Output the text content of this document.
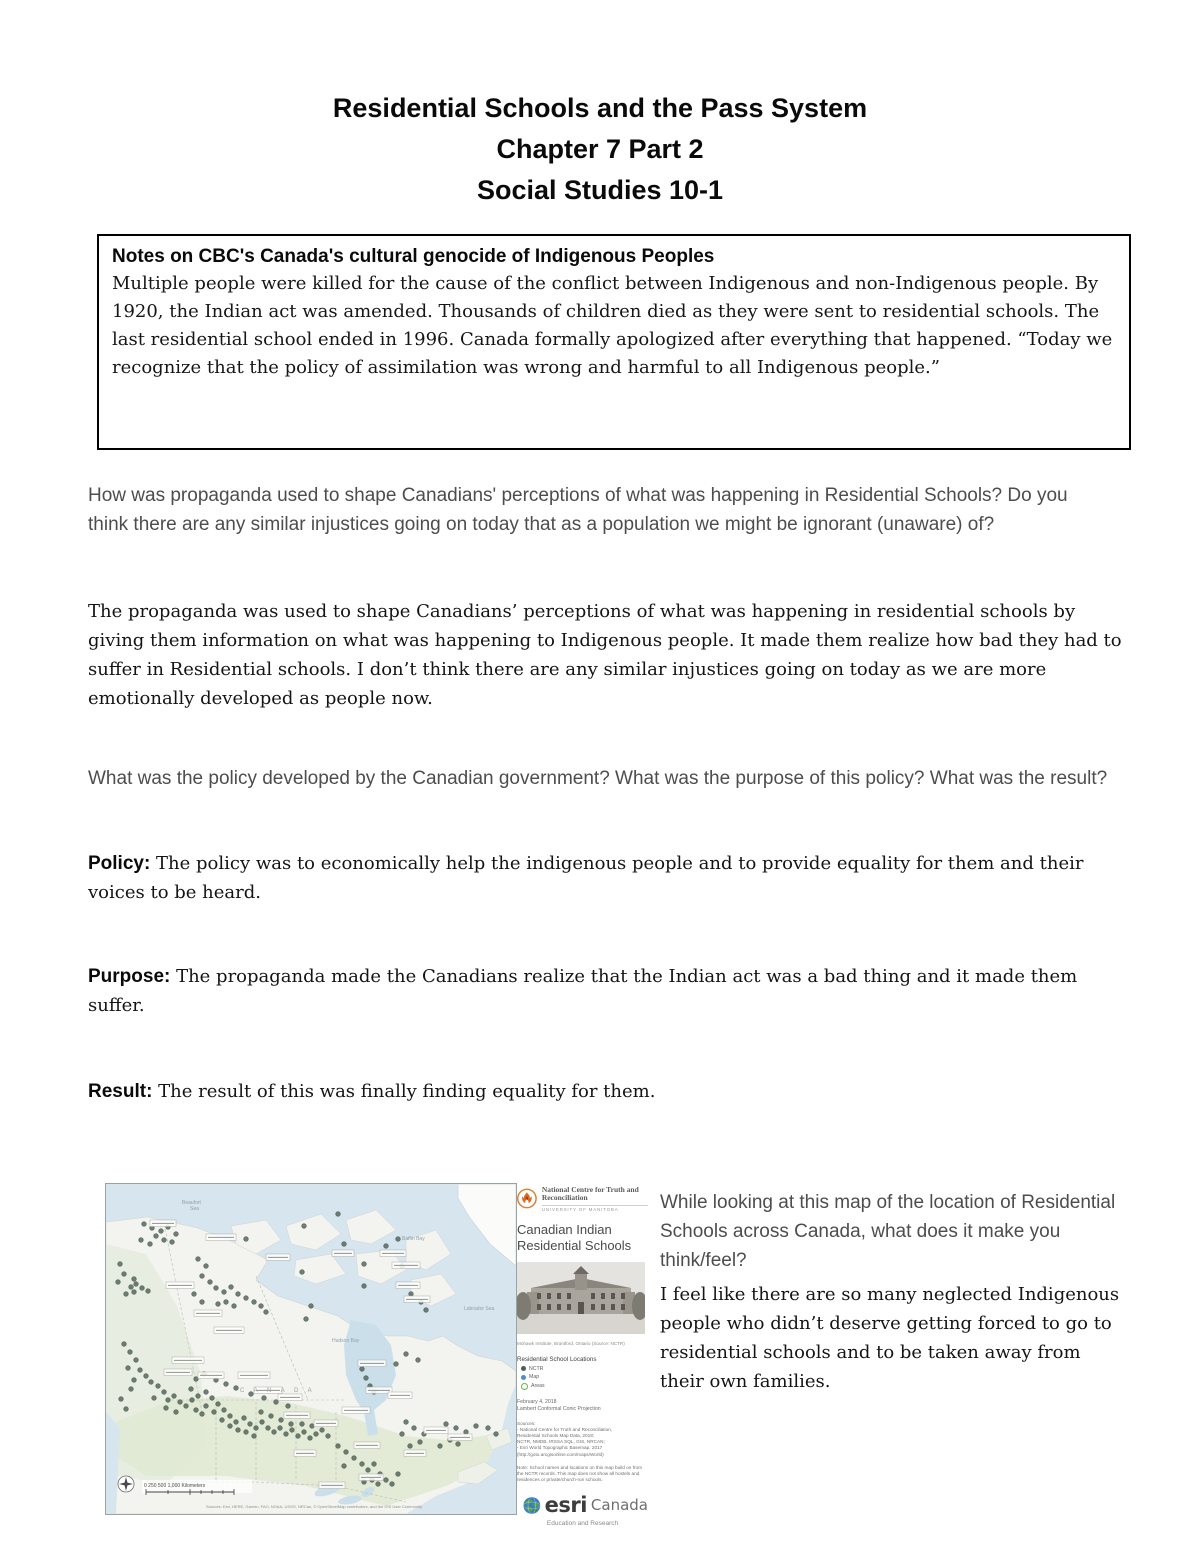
Residential Schools and the Pass System
Chapter 7 Part 2
Social Studies 10-1
Notes on CBC's Canada's cultural genocide of Indigenous Peoples
Multiple people were killed for the cause of the conflict between Indigenous and non-Indigenous people. By 1920, the Indian act was amended. Thousands of children died as they were sent to residential schools. The last residential school ended in 1996. Canada formally apologized after everything that happened. “Today we recognize that the policy of assimilation was wrong and harmful to all Indigenous people.”
How was propaganda used to shape Canadians' perceptions of what was happening in Residential Schools? Do you think there are any similar injustices going on today that as a population we might be ignorant (unaware) of?
The propaganda was used to shape Canadians’ perceptions of what was happening in residential schools by giving them information on what was happening to Indigenous people. It made them realize how bad they had to suffer in Residential schools. I don’t think there are any similar injustices going on today as we are more emotionally developed as people now.
What was the policy developed by the Canadian government? What was the purpose of this policy? What was the result?
Policy: The policy was to economically help the indigenous people and to provide equality for them and their voices to be heard.
Purpose: The propaganda made the Canadians realize that the Indian act was a bad thing and it made them suffer.
Result: The result of this was finally finding equality for them.
Beaufort
Sea
Baffin Bay
Hudson Bay
Labrador Sea
C A N A D A
0 250 500 1,000 Kilometers
Sources: Esri, HERE, Garmin, FAO, NOAA, USGS, NRCan, © OpenStreetMap contributors, and the GIS User Community
National Centre for Truth and Reconciliation
UNIVERSITY OF MANITOBA
Canadian Indian Residential Schools
Mohawk Institute, Brantford, Ontario (Source: NCTR)
Residential School Locations
NCTR
Map
Areas
February 4, 2018
Lambert Conformal Conic Projection
Sources:
- National Centre for Truth and Reconciliation,
Residential Schools Map Data, 2018;
NCTR, NMDB, IRSSA SQL, GIS, NRCAN;
- Esri World Topographic Basemap, 2017
(http://goto.arcgisonline.com/maps/World)
Note: School names and locations on this map build on from the NCTR records. This map does not show all hostels and residences or private/church-run schools.
esri Canada
Education and Research
While looking at this map of the location of Residential Schools across Canada, what does it make you think/feel?
I feel like there are so many neglected Indigenous people who didn’t deserve getting forced to go to residential schools and to be taken away from their own families.
